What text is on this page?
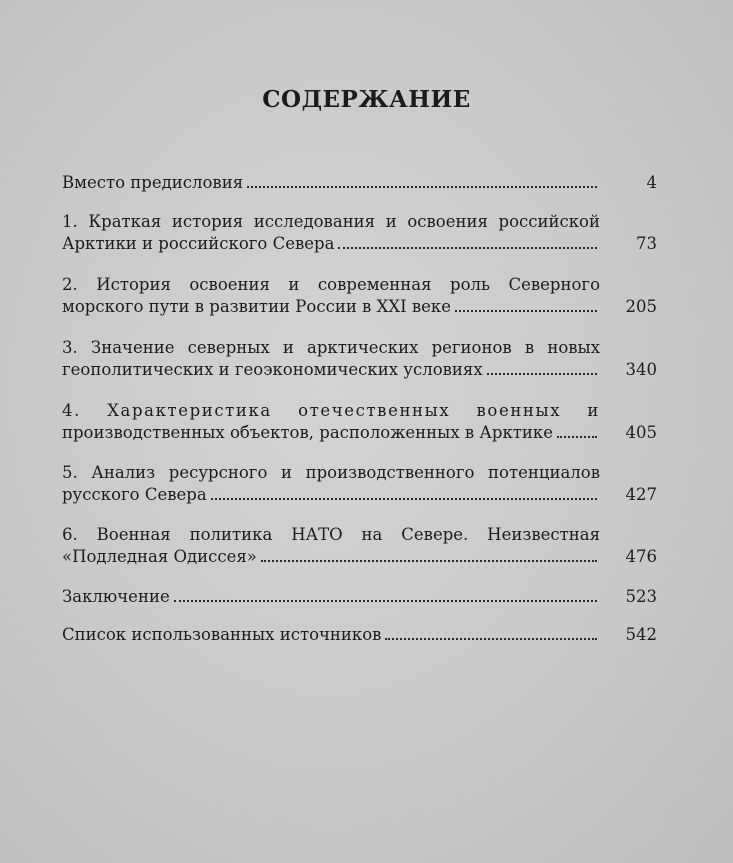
СОДЕРЖАНИЕ
Вместо предисловия	4
1. Краткая история исследования и освоения российской
Арктики и российского Севера	73
2. История освоения и современная роль Северного
морского пути в развитии России в XXI веке	205
3. Значение северных и арктических регионов в новых
геополитических и геоэкономических условиях	340
4. Характеристика отечественных военных и
производственных объектов, расположенных в Арктике	405
5. Анализ ресурсного и производственного потенциалов
русского Севера	427
6. Военная политика НАТО на Севере. Неизвестная
«Подледная Одиссея»	476
Заключение	523
Список использованных источников	542
